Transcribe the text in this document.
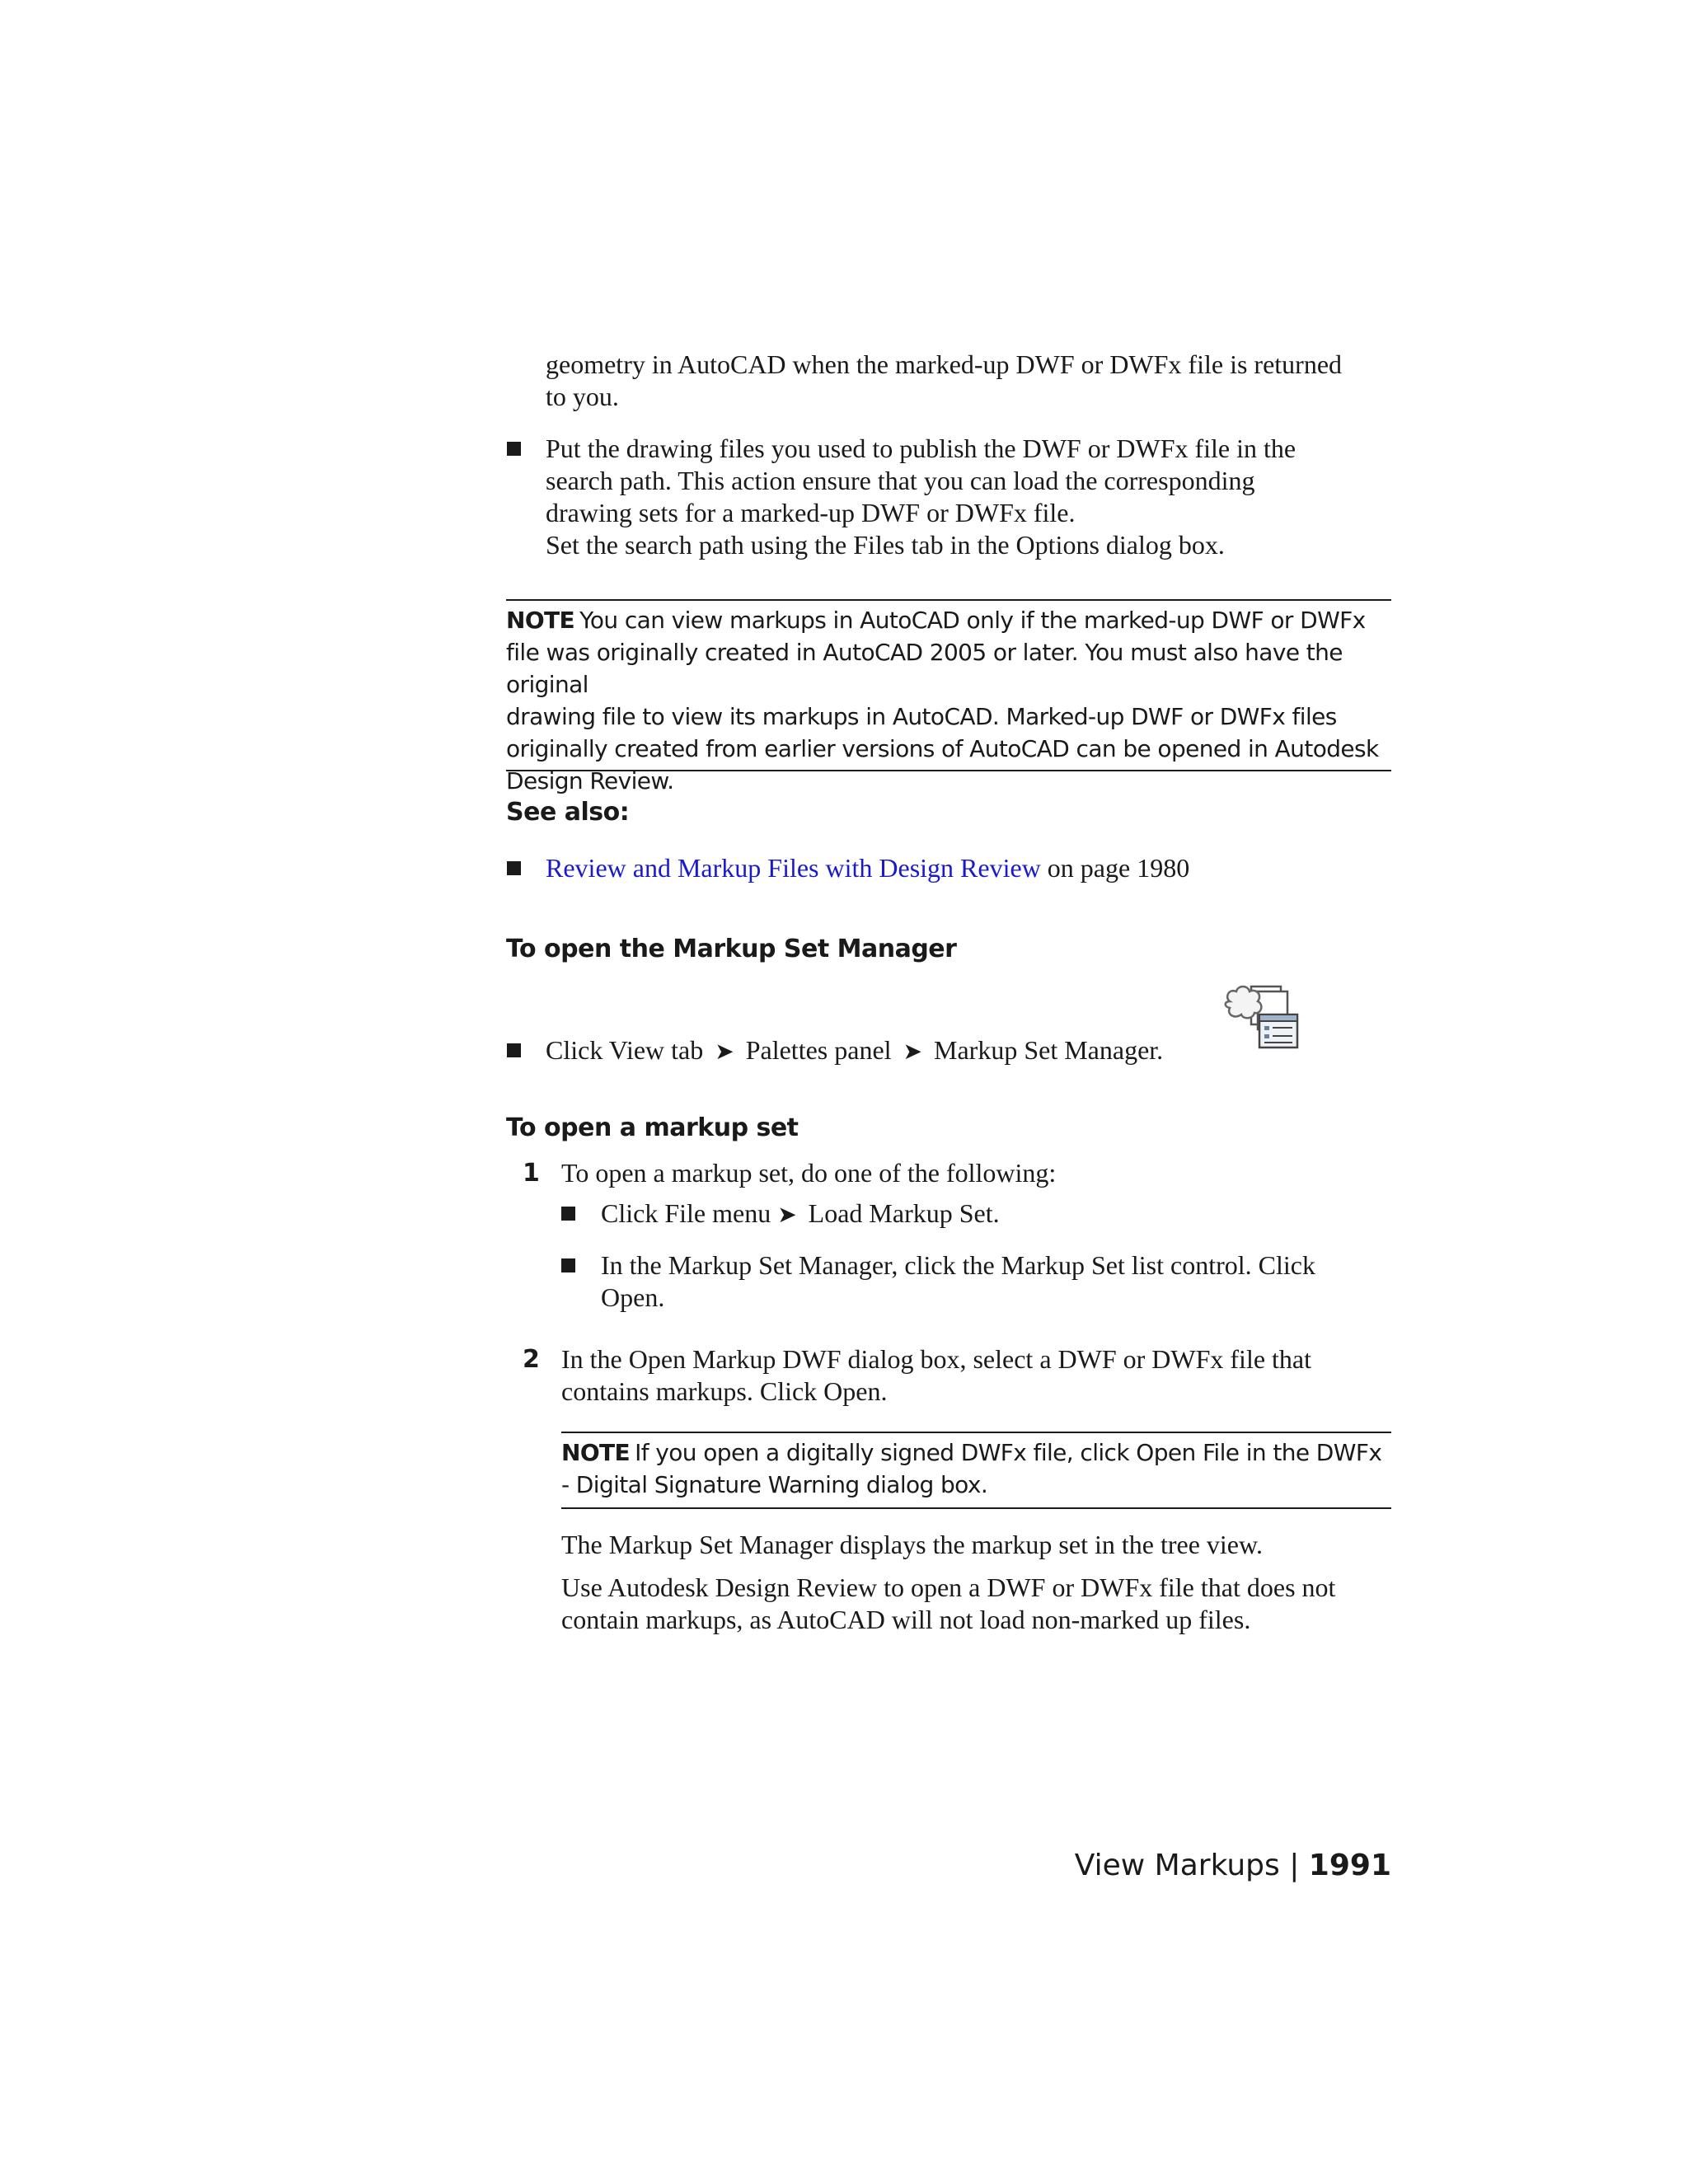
geometry in AutoCAD when the marked-up DWF or DWFx file is returned

to you.

Put the drawing files you used to publish the DWF or DWFx file in the

search path. This action ensure that you can load the corresponding

drawing sets for a marked-up DWF or DWFx file.

Set the search path using the Files tab in the Options dialog box.

NOTE You can view markups in AutoCAD only if the marked-up DWF or DWFx

file was originally created in AutoCAD 2005 or later. You must also have the original

drawing file to view its markups in AutoCAD. Marked-up DWF or DWFx files

originally created from earlier versions of AutoCAD can be opened in Autodesk

Design Review.

See also:

Review and Markup Files with Design Review on page 1980

To open the Markup Set Manager

Click View tab ➤ Palettes panel ➤ Markup Set Manager.

To open a markup set
1 To open a markup set, do one of the following:

Click File menu ➤ Load Markup Set.

In the Markup Set Manager, click the Markup Set list control. Click

Open.

2 In the Open Markup DWF dialog box, select a DWF or DWFx file that

contains markups. Click Open.

NOTE If you open a digitally signed DWFx file, click Open File in the DWFx

- Digital Signature Warning dialog box.

The Markup Set Manager displays the markup set in the tree view.

Use Autodesk Design Review to open a DWF or DWFx file that does not

contain markups, as AutoCAD will not load non-marked up files.

View Markups | 1991
